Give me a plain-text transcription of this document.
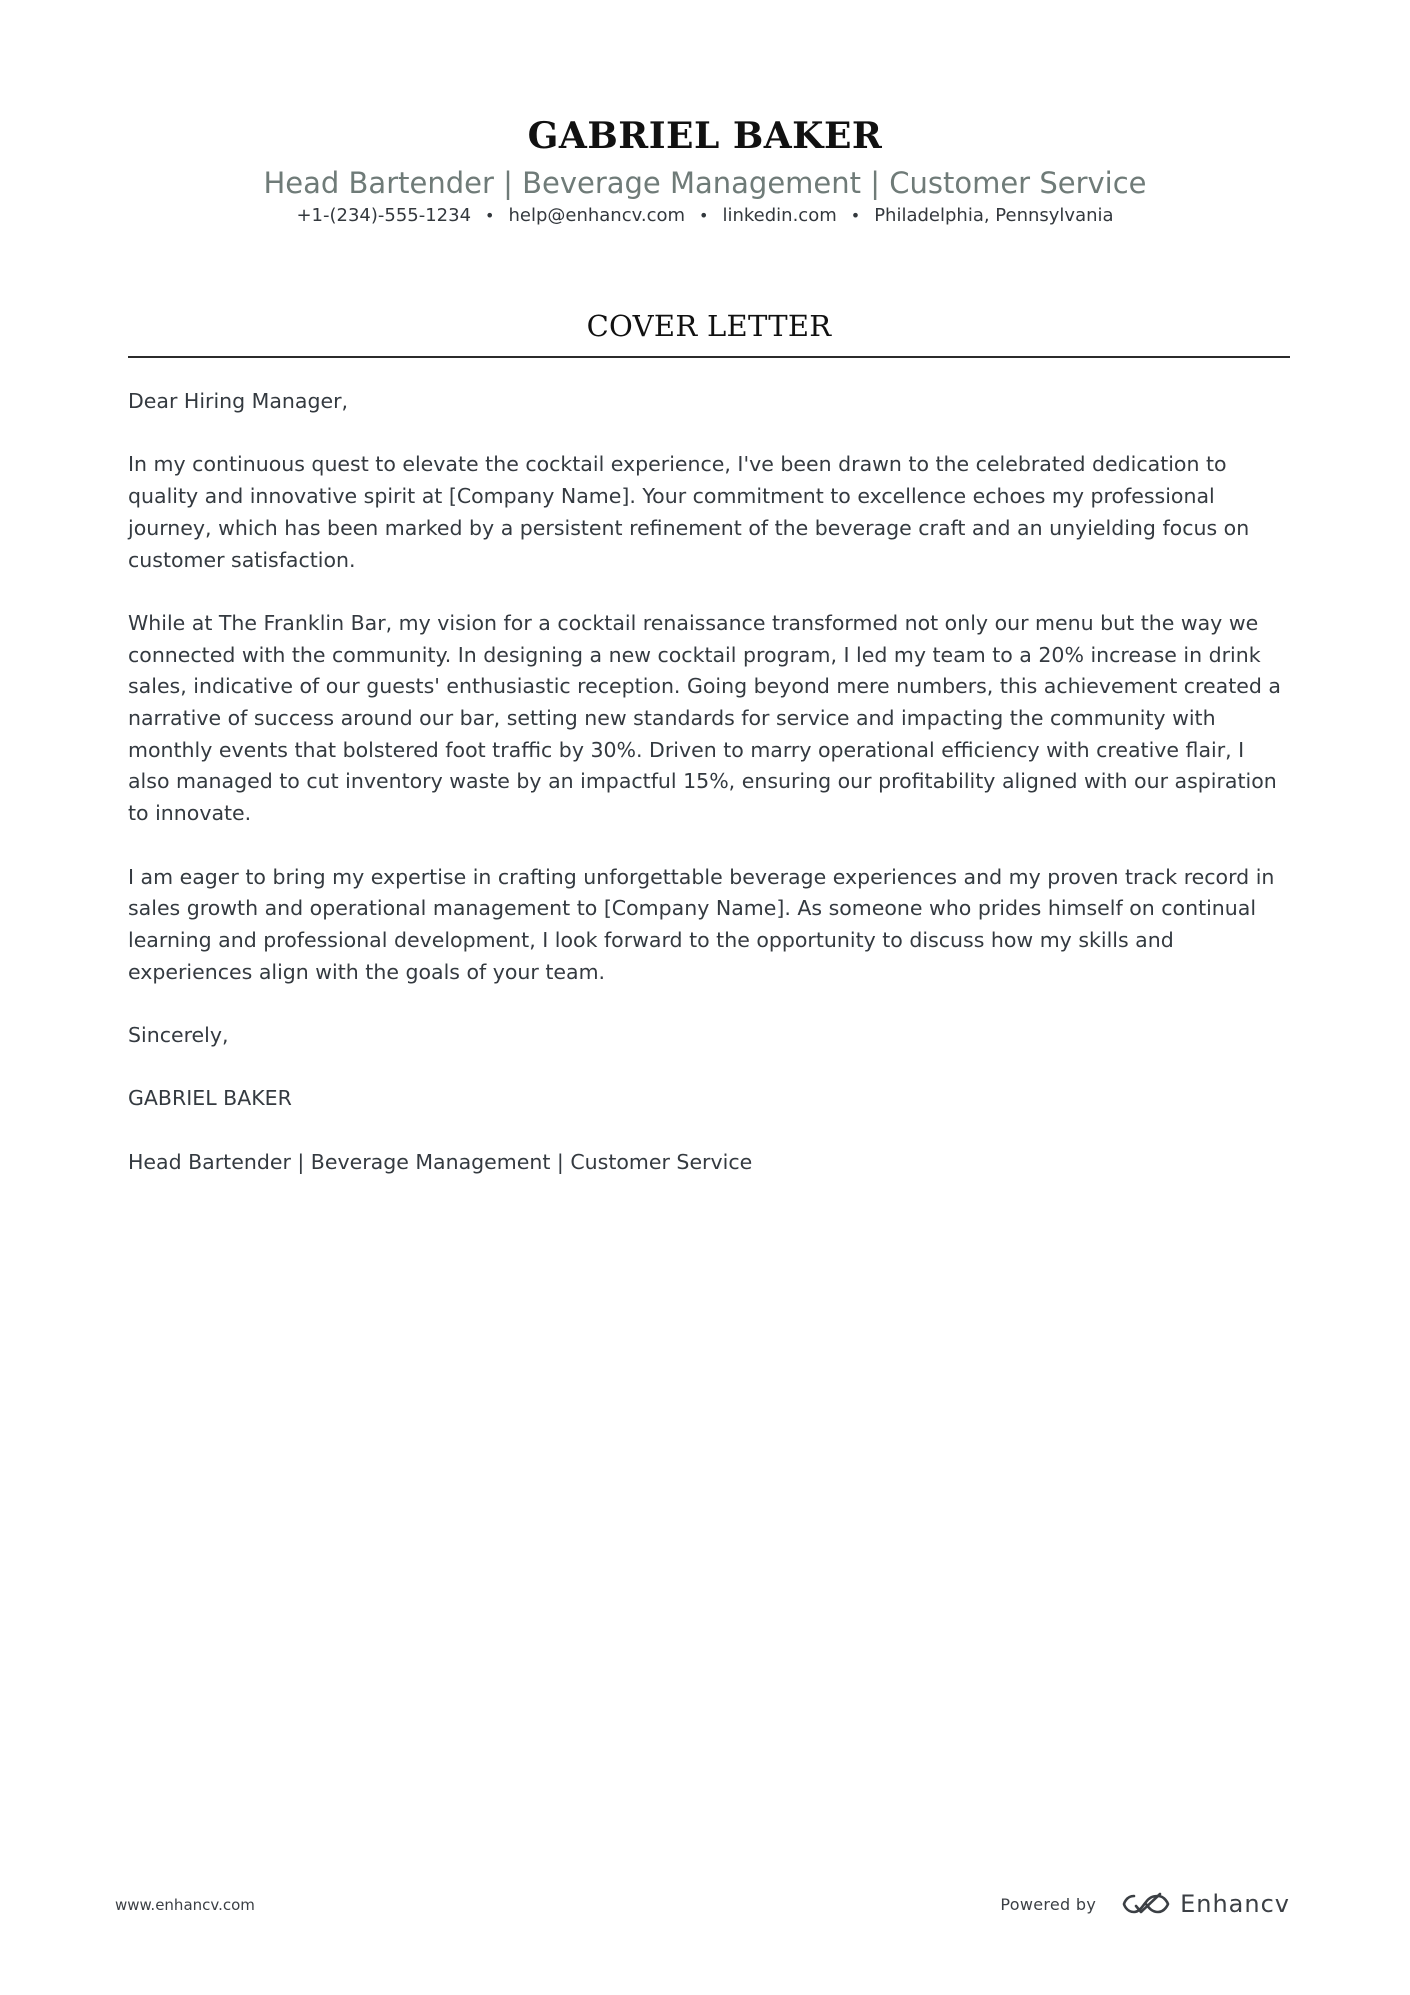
GABRIEL BAKER
Head Bartender | Beverage Management | Customer Service
+1-(234)-555-1234 • help@enhancv.com • linkedin.com • Philadelphia, Pennsylvania
COVER LETTER

Dear Hiring Manager,

In my continuous quest to elevate the cocktail experience, I've been drawn to the celebrated dedication to quality and innovative spirit at [Company Name]. Your commitment to excellence echoes my professional journey, which has been marked by a persistent refinement of the beverage craft and an unyielding focus on customer satisfaction.

While at The Franklin Bar, my vision for a cocktail renaissance transformed not only our menu but the way we connected with the community. In designing a new cocktail program, I led my team to a 20% increase in drink sales, indicative of our guests' enthusiastic reception. Going beyond mere numbers, this achievement created a narrative of success around our bar, setting new standards for service and impacting the community with monthly events that bolstered foot traffic by 30%. Driven to marry operational efficiency with creative flair, I also managed to cut inventory waste by an impactful 15%, ensuring our profitability aligned with our aspiration to innovate.

I am eager to bring my expertise in crafting unforgettable beverage experiences and my proven track record in sales growth and operational management to [Company Name]. As someone who prides himself on continual learning and professional development, I look forward to the opportunity to discuss how my skills and experiences align with the goals of your team.

Sincerely,

GABRIEL BAKER

Head Bartender | Beverage Management | Customer Service

www.enhancv.com	Powered by	Enhancv
